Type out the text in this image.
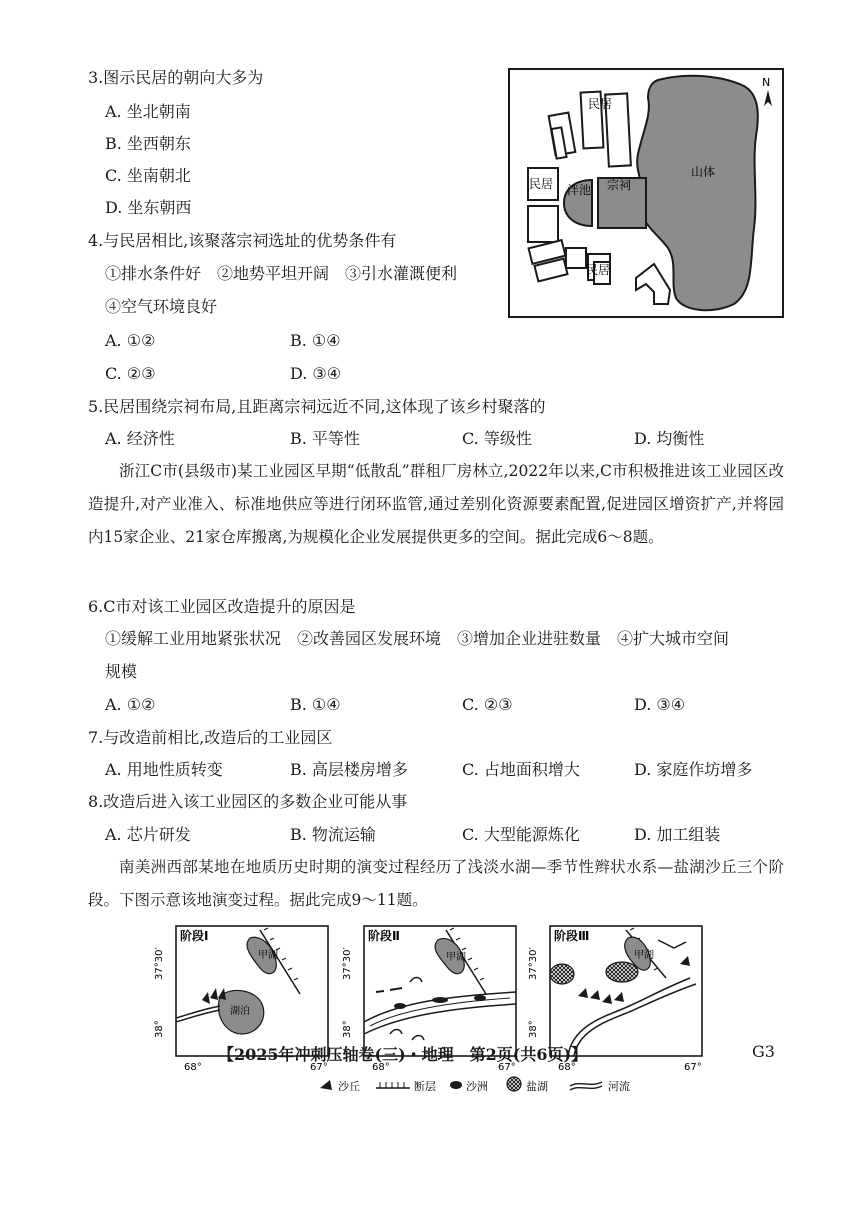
3.图示民居的朝向大多为
A. 坐北朝南
B. 坐西朝东
C. 坐南朝北
D. 坐东朝西
4.与民居相比,该聚落宗祠选址的优势条件有
①排水条件好　②地势平坦开阔　③引水灌溉便利
④空气环境良好
A. ①②	B. ①④
C. ②③	D. ③④
N
山体
民居
民居 泮池 宗祠
民居
5.民居围绕宗祠布局,且距离宗祠远近不同,这体现了该乡村聚落的
A. 经济性	B. 平等性	C. 等级性	D. 均衡性
浙江C市(县级市)某工业园区早期“低散乱”群租厂房林立,2022年以来,C市积极推进该工业园区改造提升,对产业准入、标准地供应等进行闭环监管,通过差别化资源要素配置,促进园区增资扩产,并将园内15家企业、21家仓库搬离,为规模化企业发展提供更多的空间。据此完成6～8题。
6.C市对该工业园区改造提升的原因是
①缓解工业用地紧张状况　②改善园区发展环境　③增加企业进驻数量　④扩大城市空间
规模
A. ①②	B. ①④	C. ②③	D. ③④
7.与改造前相比,改造后的工业园区
A. 用地性质转变	B. 高层楼房增多	C. 占地面积增大	D. 家庭作坊增多
8.改造后进入该工业园区的多数企业可能从事
A. 芯片研发	B. 物流运输	C. 大型能源炼化	D. 加工组装
南美洲西部某地在地质历史时期的演变过程经历了浅淡水湖—季节性辫状水系—盐湖沙丘三个阶段。下图示意该地演变过程。据此完成9～11题。
阶段Ⅰ
甲湖
湖泊
37°30′
38°
68°	67°
阶段Ⅱ
甲湖
37°30′
38°
68°	67°
阶段Ⅲ
甲湖
37°30′
38°
68°	67°
沙丘	断层	沙洲	盐湖	河流
【2025年冲刺压轴卷(三)・地理　第2页(共6页)】	G3
